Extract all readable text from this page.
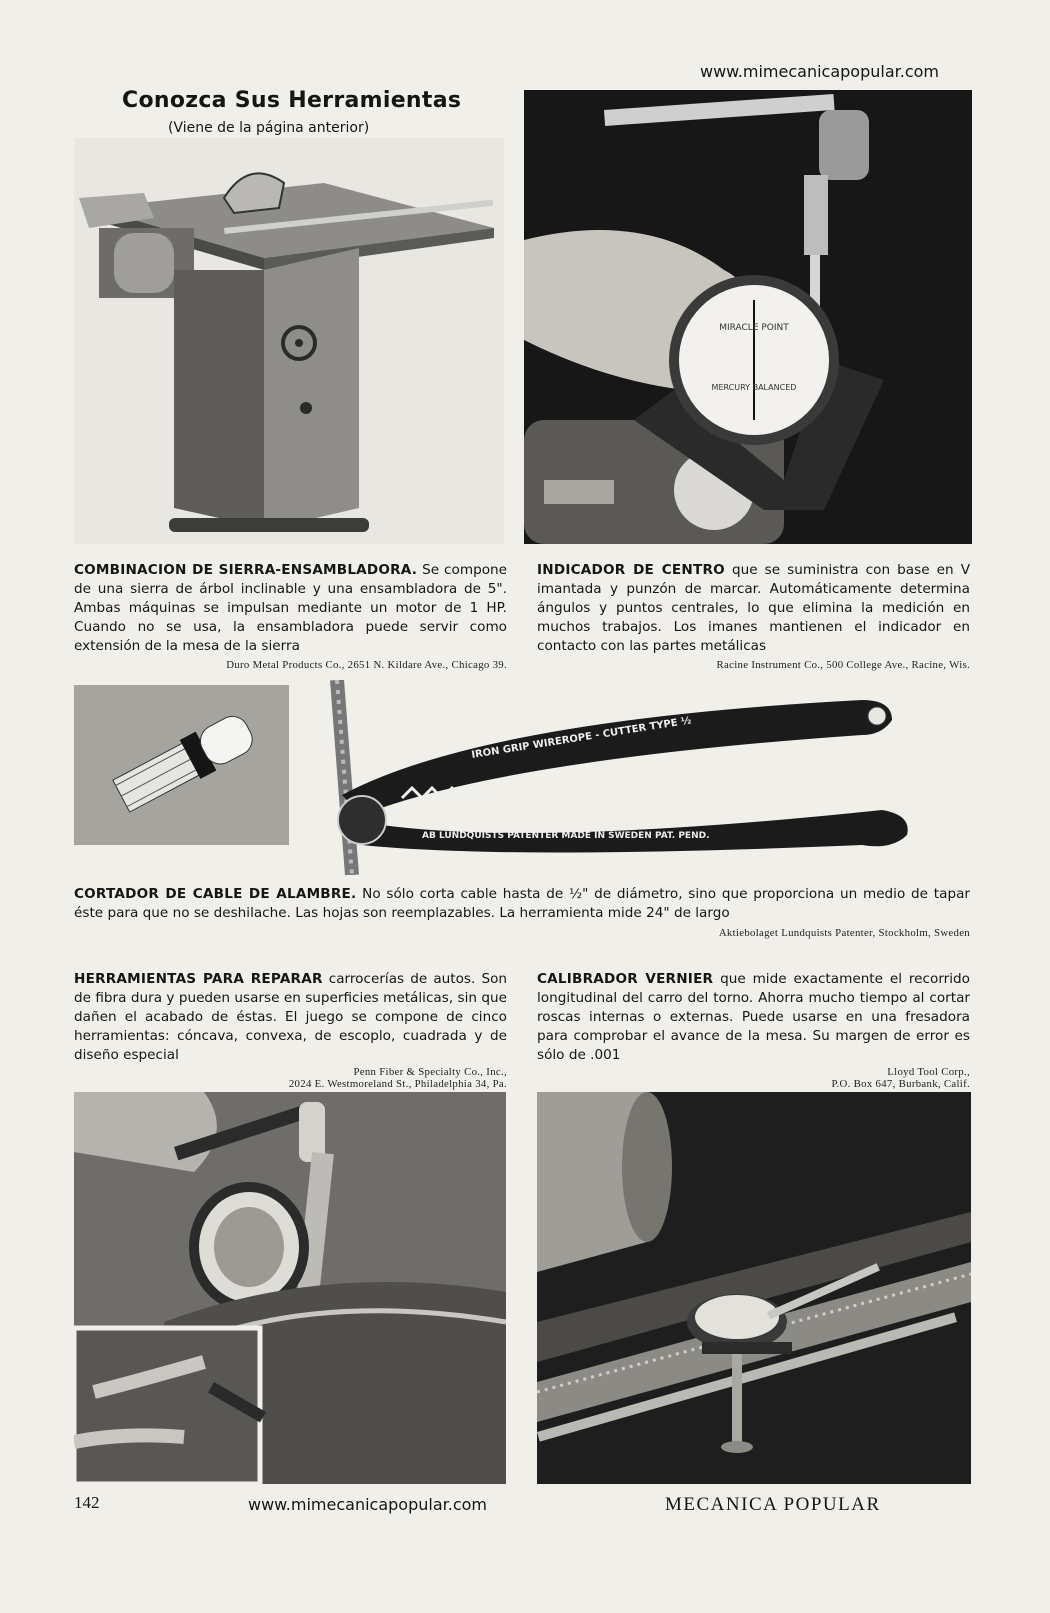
www.mimecanicapopular.com
Conozca Sus Herramientas
(Viene de la página anterior)
MIRACLE POINT
MERCURY BALANCED
COMBINACION DE SIERRA-ENSAMBLADORA. Se compone de una sierra de árbol inclinable y una ensambladora de 5". Ambas máquinas se impulsan mediante un motor de 1 HP. Cuando no se usa, la ensambladora puede servir como extensión de la mesa de la sierra
Duro Metal Products Co., 2651 N. Kildare Ave., Chicago 39.
INDICADOR DE CENTRO que se suministra con base en V imantada y punzón de marcar. Automáticamente determina ángulos y puntos centrales, lo que elimina la medición en muchos trabajos. Los imanes mantienen el indicador en contacto con las partes metálicas
Racine Instrument Co., 500 College Ave., Racine, Wis.
IRON GRIP WIREROPE - CUTTER TYPE ½
AB LUNDQUISTS PATENTER MADE IN SWEDEN PAT. PEND.
CORTADOR DE CABLE DE ALAMBRE. No sólo corta cable hasta de ½" de diámetro, sino que proporciona un medio de tapar éste para que no se deshilache. Las hojas son reemplazables. La herramienta mide 24" de largo
Aktiebolaget Lundquists Patenter, Stockholm, Sweden
HERRAMIENTAS PARA REPARAR carrocerías de autos. Son de fibra dura y pueden usarse en superficies metálicas, sin que dañen el acabado de éstas. El juego se compone de cinco herramientas: cóncava, convexa, de escoplo, cuadrada y de diseño especial
Penn Fiber & Specialty Co., Inc.,
2024 E. Westmoreland St., Philadelphia 34, Pa.
CALIBRADOR VERNIER que mide exactamente el recorrido longitudinal del carro del torno. Ahorra mucho tiempo al cortar roscas internas o externas. Puede usarse en una fresadora para comprobar el avance de la mesa. Su margen de error es sólo de .001
Lloyd Tool Corp.,
P.O. Box 647, Burbank, Calif.
142	www.mimecanicapopular.com	MECANICA POPULAR
